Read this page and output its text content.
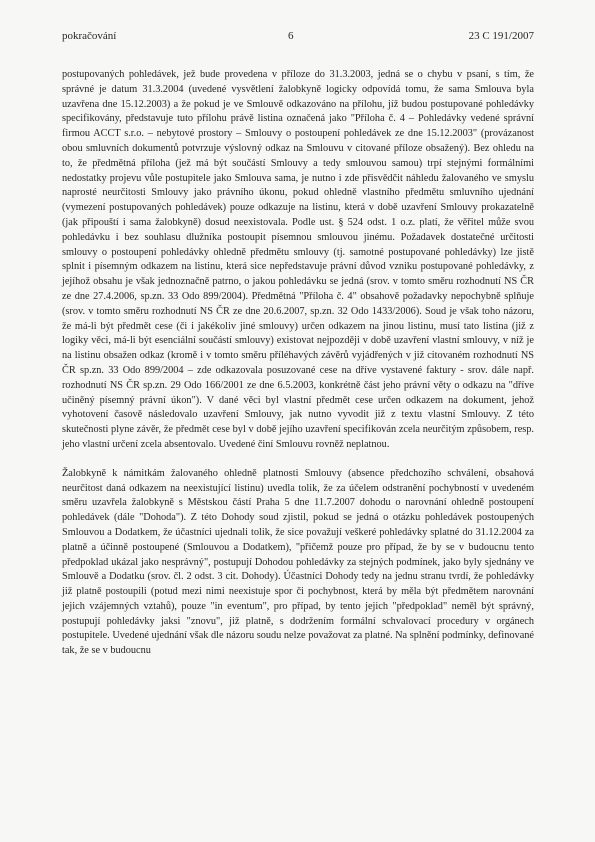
pokračování	6	23 C 191/2007

postupovaných pohledávek, jež bude provedena v příloze do 31.3.2003, jedná se o chybu v psaní, s tím, že správné je datum 31.3.2004 (uvedené vysvětlení žalobkyně logicky odpovídá tomu, že sama Smlouva byla uzavřena dne 15.12.2003) a že pokud je ve Smlouvě odkazováno na přílohu, jíž budou postupované pohledávky specifikovány, představuje tuto přílohu právě listina označená jako "Příloha č. 4 – Pohledávky vedené správní firmou ACCT s.r.o. – nebytové prostory – Smlouvy o postoupení pohledávek ze dne 15.12.2003" (provázanost obou smluvních dokumentů potvrzuje výslovný odkaz na Smlouvu v citované příloze obsažený). Bez ohledu na to, že předmětná příloha (jež má být součástí Smlouvy a tedy smlouvou samou) trpí stejnými formálními nedostatky projevu vůle postupitele jako Smlouva sama, je nutno i zde přisvědčit náhledu žalovaného ve smyslu naprosté neurčitosti Smlouvy jako právního úkonu, pokud ohledně vlastního předmětu smluvního ujednání (vymezení postupovaných pohledávek) pouze odkazuje na listinu, která v době uzavření Smlouvy prokazatelně (jak připouští i sama žalobkyně) dosud neexistovala. Podle ust. § 524 odst. 1 o.z. platí, že věřitel může svou pohledávku i bez souhlasu dlužníka postoupit písemnou smlouvou jinému. Požadavek dostatečné určitosti smlouvy o postoupení pohledávky ohledně předmětu smlouvy (tj. samotné postupované pohledávky) lze jistě splnit i písemným odkazem na listinu, která sice nepředstavuje právní důvod vzniku postupované pohledávky, z jejíhož obsahu je však jednoznačně patrno, o jakou pohledávku se jedná (srov. v tomto směru rozhodnutí NS ČR ze dne 27.4.2006, sp.zn. 33 Odo 899/2004). Předmětná "Příloha č. 4" obsahově požadavky nepochybně splňuje (srov. v tomto směru rozhodnutí NS ČR ze dne 20.6.2007, sp.zn. 32 Odo 1433/2006). Soud je však toho názoru, že má-li být předmět cese (či i jakékoliv jiné smlouvy) určen odkazem na jinou listinu, musí tato listina (již z logiky věci, má-li být esenciální součástí smlouvy) existovat nejpozději v době uzavření vlastní smlouvy, v níž je na listinu obsažen odkaz (kromě i v tomto směru příléhavých závěrů vyjádřených v již citovaném rozhodnutí NS ČR sp.zn. 33 Odo 899/2004 – zde odkazovala posuzované cese na dříve vystavené faktury - srov. dále např. rozhodnutí NS ČR sp.zn. 29 Odo 166/2001 ze dne 6.5.2003, konkrétně část jeho právní věty o odkazu na "dříve učiněný písemný právní úkon"). V dané věci byl vlastní předmět cese určen odkazem na dokument, jehož vyhotovení časově následovalo uzavření Smlouvy, jak nutno vyvodit již z textu vlastní Smlouvy. Z této skutečnosti plyne závěr, že předmět cese byl v době jejího uzavření specifikován zcela neurčitým způsobem, resp. jeho vlastní určení zcela absentovalo. Uvedené činí Smlouvu rovněž neplatnou.

Žalobkyně k námitkám žalovaného ohledně platnosti Smlouvy (absence předchozího schválení, obsahová neurčitost daná odkazem na neexistující listinu) uvedla tolik, že za účelem odstranění pochybností v uvedeném směru uzavřela žalobkyně s Městskou částí Praha 5 dne 11.7.2007 dohodu o narovnání ohledně postoupení pohledávek (dále "Dohoda"). Z této Dohody soud zjistil, pokud se jedná o otázku pohledávek postoupených Smlouvou a Dodatkem, že účastníci ujednali tolik, že sice považují veškeré pohledávky splatné do 31.12.2004 za platně a účinně postoupené (Smlouvou a Dodatkem), "přičemž pouze pro případ, že by se v budoucnu tento předpoklad ukázal jako nesprávný", postupují Dohodou pohledávky za stejných podmínek, jako byly sjednány ve Smlouvě a Dodatku (srov. čl. 2 odst. 3 cit. Dohody). Účastníci Dohody tedy na jednu stranu tvrdí, že pohledávky již platně postoupili (potud mezi nimi neexistuje spor či pochybnost, která by měla být předmětem narovnání jejich vzájemných vztahů), pouze "in eventum", pro případ, by tento jejich "předpoklad" neměl být správný, postupují pohledávky jaksi "znovu", již platně, s dodržením formální schvalovací procedury v orgánech postupitele. Uvedené ujednání však dle názoru soudu nelze považovat za platné. Na splnění podmínky, definované tak, že se v budoucnu
